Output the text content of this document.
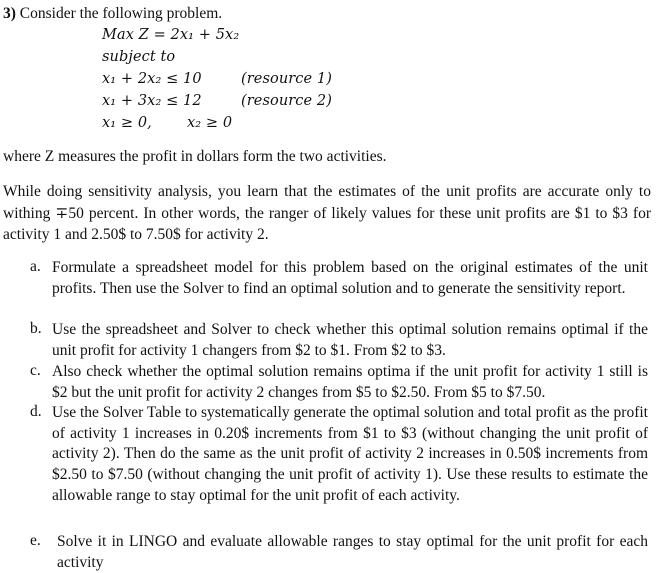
3) Consider the following problem.
Max Z = 2x₁ + 5x₂
subject to
x₁ + 2x₂ ≤ 10	(resource 1)
x₁ + 3x₂ ≤ 12	(resource 2)
x₁ ≥ 0, x₂ ≥ 0
where Z measures the profit in dollars form the two activities.
While doing sensitivity analysis, you learn that the estimates of the unit profits are accurate only to withing ∓50 percent. In other words, the ranger of likely values for these unit profits are $1 to $3 for activity 1 and 2.50$ to 7.50$ for activity 2.
a. Formulate a spreadsheet model for this problem based on the original estimates of the unit profits. Then use the Solver to find an optimal solution and to generate the sensitivity report.
b. Use the spreadsheet and Solver to check whether this optimal solution remains optimal if the unit profit for activity 1 changers from $2 to $1. From $2 to $3.
c. Also check whether the optimal solution remains optima if the unit profit for activity 1 still is $2 but the unit profit for activity 2 changes from $5 to $2.50. From $5 to $7.50.
d. Use the Solver Table to systematically generate the optimal solution and total profit as the profit of activity 1 increases in 0.20$ increments from $1 to $3 (without changing the unit profit of activity 2). Then do the same as the unit profit of activity 2 increases in 0.50$ increments from $2.50 to $7.50 (without changing the unit profit of activity 1). Use these results to estimate the allowable range to stay optimal for the unit profit of each activity.
e. Solve it in LINGO and evaluate allowable ranges to stay optimal for the unit profit for each activity
